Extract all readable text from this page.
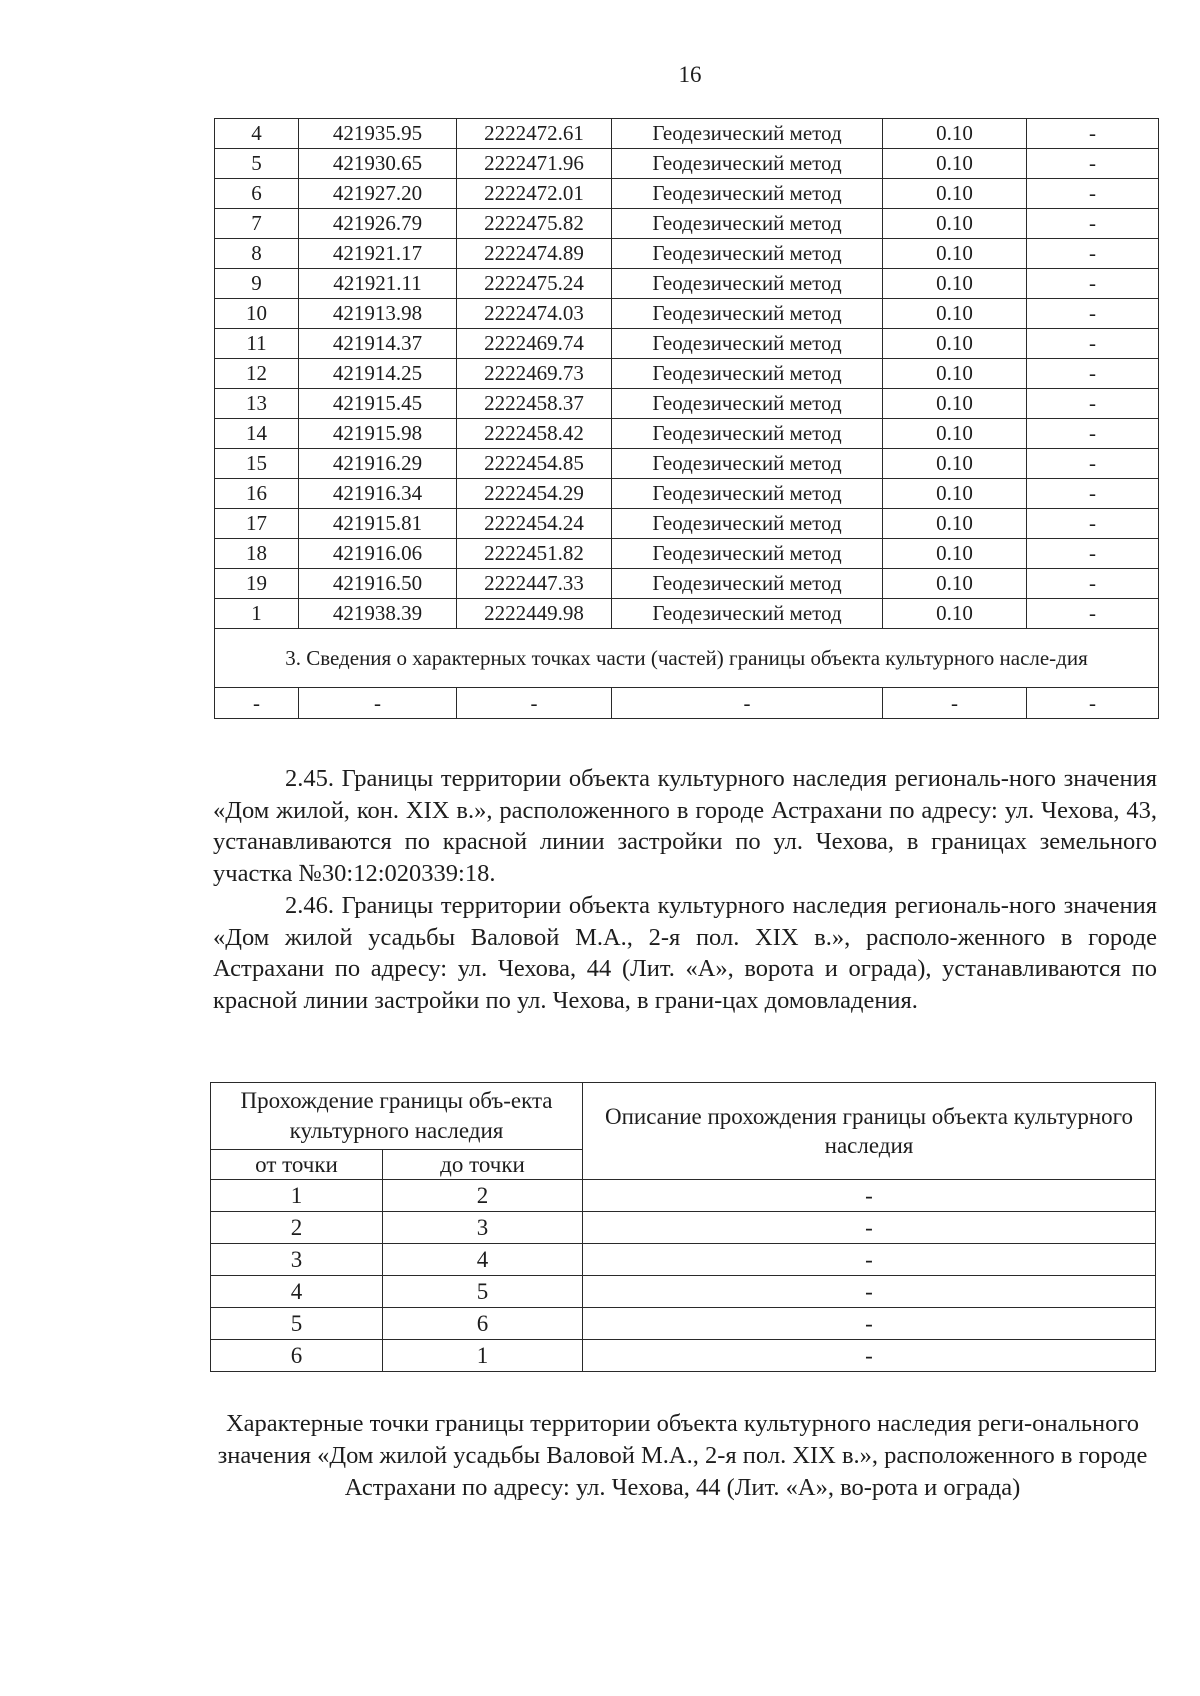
16
4	421935.95	2222472.61	Геодезический метод	0.10	-
5	421930.65	2222471.96	Геодезический метод	0.10	-
6	421927.20	2222472.01	Геодезический метод	0.10	-
7	421926.79	2222475.82	Геодезический метод	0.10	-
8	421921.17	2222474.89	Геодезический метод	0.10	-
9	421921.11	2222475.24	Геодезический метод	0.10	-
10	421913.98	2222474.03	Геодезический метод	0.10	-
11	421914.37	2222469.74	Геодезический метод	0.10	-
12	421914.25	2222469.73	Геодезический метод	0.10	-
13	421915.45	2222458.37	Геодезический метод	0.10	-
14	421915.98	2222458.42	Геодезический метод	0.10	-
15	421916.29	2222454.85	Геодезический метод	0.10	-
16	421916.34	2222454.29	Геодезический метод	0.10	-
17	421915.81	2222454.24	Геодезический метод	0.10	-
18	421916.06	2222451.82	Геодезический метод	0.10	-
19	421916.50	2222447.33	Геодезический метод	0.10	-
1	421938.39	2222449.98	Геодезический метод	0.10	-
3. Сведения о характерных точках части (частей) границы объекта культурного насле-дия					
-	-	-	-	-	-

2.45. Границы территории объекта культурного наследия региональ-ного значения «Дом жилой, кон. XIX в.», расположенного в городе Астрахани по адресу: ул. Чехова, 43, устанавливаются по красной линии застройки по ул. Чехова, в границах земельного участка №30:12:020339:18.

2.46. Границы территории объекта культурного наследия региональ-ного значения «Дом жилой усадьбы Валовой М.А., 2-я пол. XIX в.», располо-женного в городе Астрахани по адресу: ул. Чехова, 44 (Лит. «А», ворота и ограда), устанавливаются по красной линии застройки по ул. Чехова, в грани-цах домовладения.

Прохождение границы объ-екта культурного наследия		Описание прохождения границы объекта культурного наследия
от точки	до точки	
1	2	-
2	3	-
3	4	-
4	5	-
5	6	-
6	1	-

Характерные точки границы территории объекта культурного наследия реги-онального значения «Дом жилой усадьбы Валовой М.А., 2-я пол. XIX в.», расположенного в городе Астрахани по адресу: ул. Чехова, 44 (Лит. «А», во-рота и ограда)
